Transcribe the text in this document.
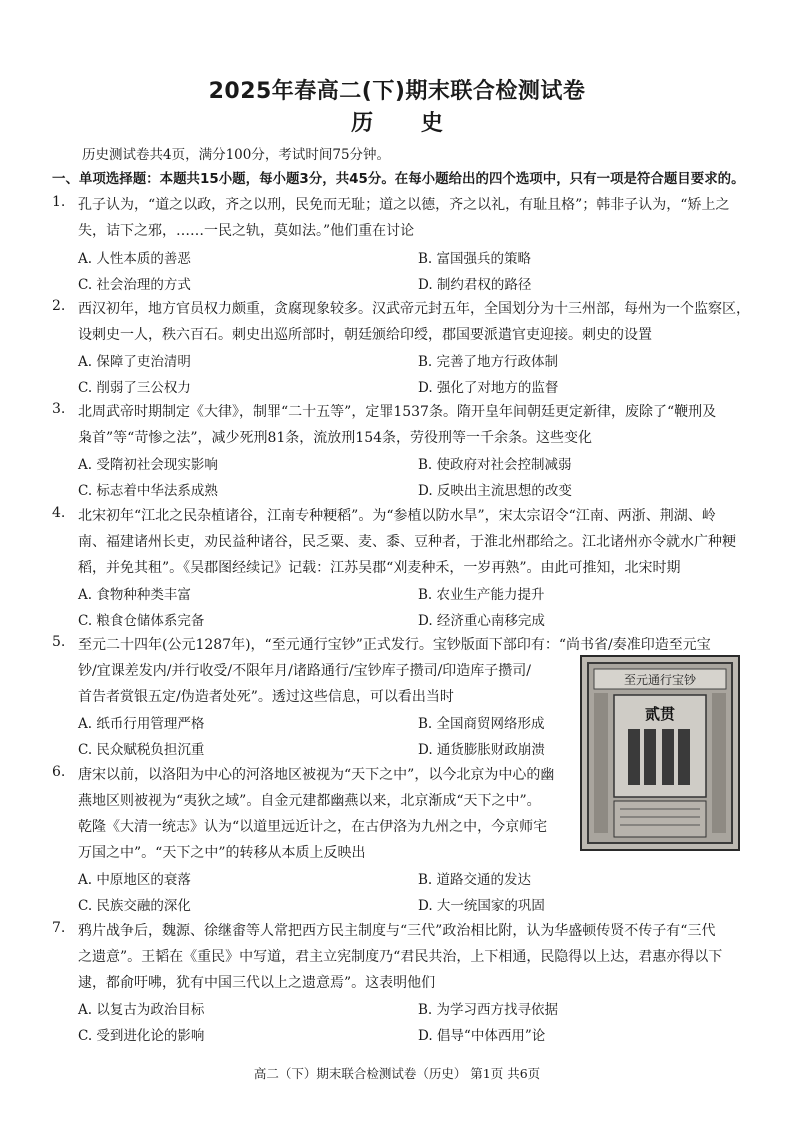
2025年春高二(下)期末联合检测试卷
历 史
历史测试卷共4页，满分100分，考试时间75分钟。
一、单项选择题：本题共15小题，每小题3分，共45分。在每小题给出的四个选项中，只有一项是符合题目要求的。
1. 孔子认为，“道之以政，齐之以刑，民免而无耻；道之以德，齐之以礼，有耻且格”；韩非子认为，“矫上之
失，诘下之邪，……一民之轨，莫如法。”他们重在讨论
A. 人性本质的善恶	B. 富国强兵的策略
C. 社会治理的方式	D. 制约君权的路径
2. 西汉初年，地方官员权力颇重，贪腐现象较多。汉武帝元封五年，全国划分为十三州部，每州为一个监察区，
设刺史一人，秩六百石。刺史出巡所部时，朝廷颁给印绶，郡国要派遣官吏迎接。刺史的设置
A. 保障了吏治清明	B. 完善了地方行政体制
C. 削弱了三公权力	D. 强化了对地方的监督
3. 北周武帝时期制定《大律》，制罪“二十五等”，定罪1537条。隋开皇年间朝廷更定新律，废除了“鞭刑及
枭首”等“苛惨之法”，减少死刑81条，流放刑154条，劳役刑等一千余条。这些变化
A. 受隋初社会现实影响	B. 使政府对社会控制减弱
C. 标志着中华法系成熟	D. 反映出主流思想的改变
4. 北宋初年“江北之民杂植诸谷，江南专种粳稻”。为“参植以防水旱”，宋太宗诏令“江南、两浙、荆湖、岭
南、福建诸州长吏，劝民益种诸谷，民乏粟、麦、黍、豆种者，于淮北州郡给之。江北诸州亦令就水广种粳
稻，并免其租”。《吴郡图经续记》记载：江苏吴郡“刈麦种禾，一岁再熟”。由此可推知，北宋时期
A. 食物种种类丰富	B. 农业生产能力提升
C. 粮食仓储体系完备	D. 经济重心南移完成
5. 至元二十四年(公元1287年)，“至元通行宝钞”正式发行。宝钞版面下部印有：“尚书省/奏准印造至元宝
钞/宜课差发内/并行收受/不限年月/诸路通行/宝钞库子攒司/印造库子攒司/
首告者赏银五定/伪造者处死”。透过这些信息，可以看出当时
A. 纸币行用管理严格	B. 全国商贸网络形成
C. 民众赋税负担沉重	D. 通货膨胀财政崩溃
至元通行宝钞
贰贯
6. 唐宋以前，以洛阳为中心的河洛地区被视为“天下之中”，以今北京为中心的幽
燕地区则被视为“夷狄之域”。自金元建都幽燕以来，北京渐成“天下之中”。
乾隆《大清一统志》认为“以道里远近计之，在古伊洛为九州之中，今京师宅
万国之中”。“天下之中”的转移从本质上反映出
A. 中原地区的衰落	B. 道路交通的发达
C. 民族交融的深化	D. 大一统国家的巩固
7. 鸦片战争后，魏源、徐继畬等人常把西方民主制度与“三代”政治相比附，认为华盛顿传贤不传子有“三代
之遗意”。王韬在《重民》中写道，君主立宪制度乃“君民共治，上下相通，民隐得以上达，君惠亦得以下
逮，都俞吁咈，犹有中国三代以上之遗意焉”。这表明他们
A. 以复古为政治目标	B. 为学习西方找寻依据
C. 受到进化论的影响	D. 倡导“中体西用”论
高二（下）期末联合检测试卷（历史） 第1页 共6页
